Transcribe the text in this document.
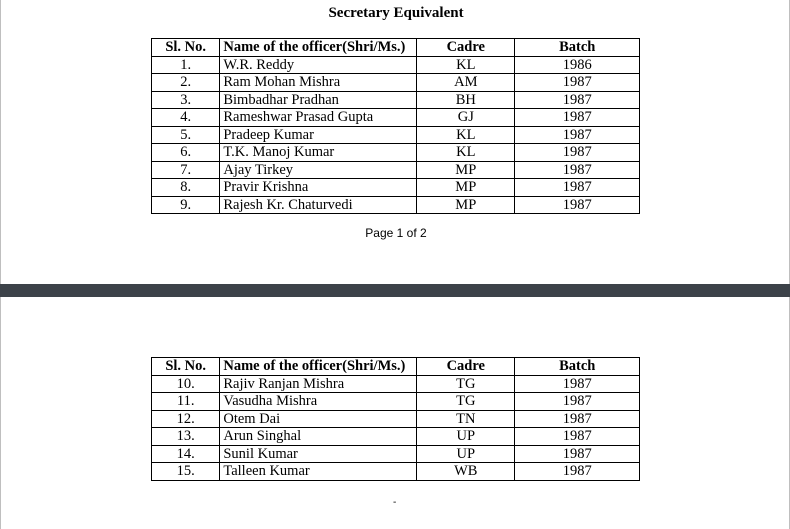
Secretary Equivalent
Sl. No.	Name of the officer(Shri/Ms.)	Cadre	Batch
1.	W.R. Reddy	KL	1986
2.	Ram Mohan Mishra	AM	1987
3.	Bimbadhar Pradhan	BH	1987
4.	Rameshwar Prasad Gupta	GJ	1987
5.	Pradeep Kumar	KL	1987
6.	T.K. Manoj Kumar	KL	1987
7.	Ajay Tirkey	MP	1987
8.	Pravir Krishna	MP	1987
9.	Rajesh Kr. Chaturvedi	MP	1987
Page 1 of 2
Sl. No.	Name of the officer(Shri/Ms.)	Cadre	Batch
10.	Rajiv Ranjan Mishra	TG	1987
11.	Vasudha Mishra	TG	1987
12.	Otem Dai	TN	1987
13.	Arun Singhal	UP	1987
14.	Sunil Kumar	UP	1987
15.	Talleen Kumar	WB	1987
-
